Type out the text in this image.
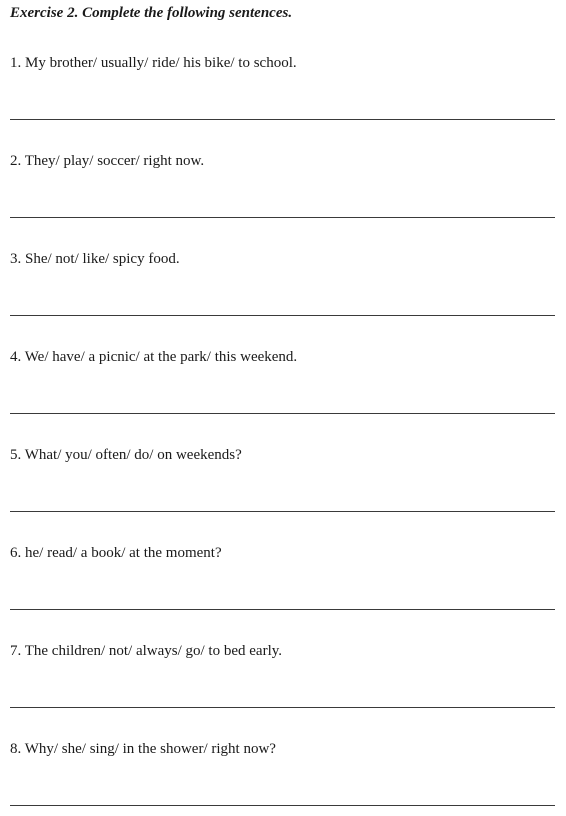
Exercise 2. Complete the following sentences.
1. My brother/ usually/ ride/ his bike/ to school.
2. They/ play/ soccer/ right now.
3. She/ not/ like/ spicy food.
4. We/ have/ a picnic/ at the park/ this weekend.
5. What/ you/ often/ do/ on weekends?
6. he/ read/ a book/ at the moment?
7. The children/ not/ always/ go/ to bed early.
8. Why/ she/ sing/ in the shower/ right now?
